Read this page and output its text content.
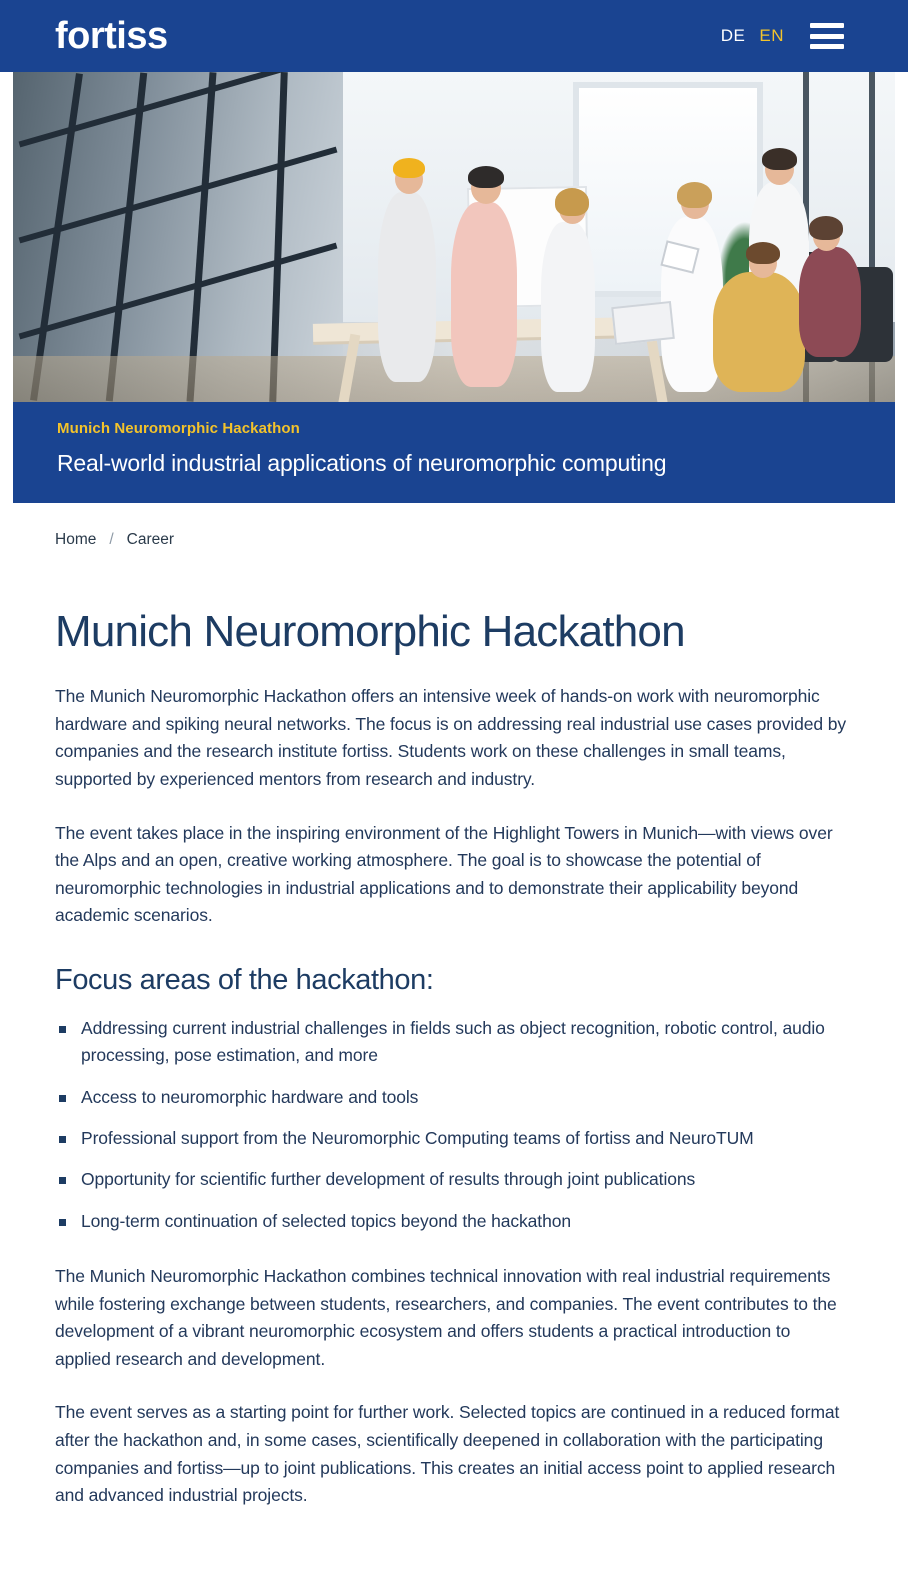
fortiss	DE EN
Munich Neuromorphic Hackathon
Real-world industrial applications of neuromorphic computing
Home / Career
Munich Neuromorphic Hackathon

The Munich Neuromorphic Hackathon offers an intensive week of hands-on work with neuromorphic hardware and spiking neural networks. The focus is on addressing real industrial use cases provided by companies and the research institute fortiss. Students work on these challenges in small teams, supported by experienced mentors from research and industry.

The event takes place in the inspiring environment of the Highlight Towers in Munich—with views over the Alps and an open, creative working atmosphere. The goal is to showcase the potential of neuromorphic technologies in industrial applications and to demonstrate their applicability beyond academic scenarios.

Focus areas of the hackathon:
Addressing current industrial challenges in fields such as object recognition, robotic control, audio processing, pose estimation, and more
Access to neuromorphic hardware and tools
Professional support from the Neuromorphic Computing teams of fortiss and NeuroTUM
Opportunity for scientific further development of results through joint publications
Long-term continuation of selected topics beyond the hackathon

The Munich Neuromorphic Hackathon combines technical innovation with real industrial requirements while fostering exchange between students, researchers, and companies. The event contributes to the development of a vibrant neuromorphic ecosystem and offers students a practical introduction to applied research and development.

The event serves as a starting point for further work. Selected topics are continued in a reduced format after the hackathon and, in some cases, scientifically deepened in collaboration with the participating companies and fortiss—up to joint publications. This creates an initial access point to applied research and advanced industrial projects.
